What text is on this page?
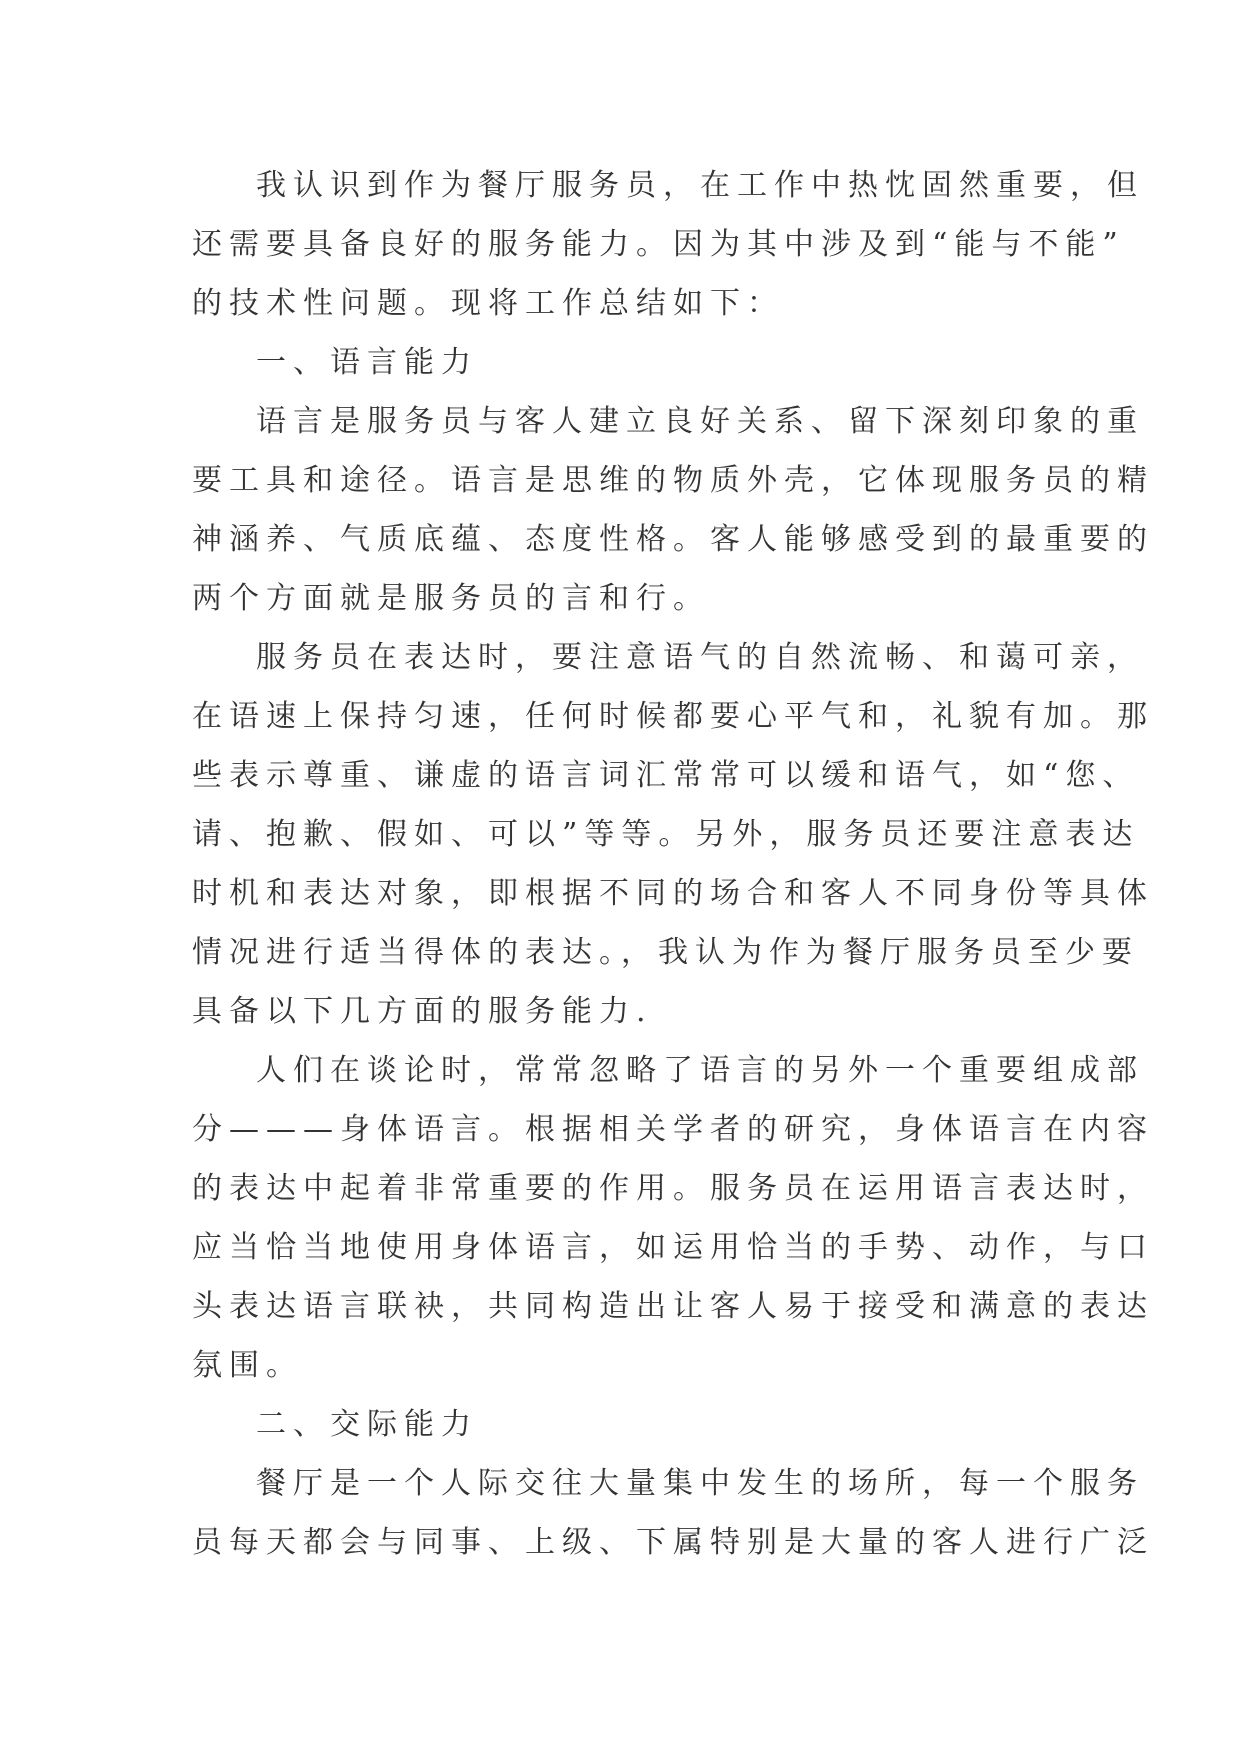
我认识到作为餐厅服务员，在工作中热忱固然重要，但
还需要具备良好的服务能力。因为其中涉及到“能与不能”
的技术性问题。现将工作总结如下：
一、语言能力
语言是服务员与客人建立良好关系、留下深刻印象的重
要工具和途径。语言是思维的物质外壳，它体现服务员的精
神涵养、气质底蕴、态度性格。客人能够感受到的最重要的
两个方面就是服务员的言和行。
服务员在表达时，要注意语气的自然流畅、和蔼可亲，
在语速上保持匀速，任何时候都要心平气和，礼貌有加。那
些表示尊重、谦虚的语言词汇常常可以缓和语气，如“您、
请、抱歉、假如、可以”等等。另外，服务员还要注意表达
时机和表达对象，即根据不同的场合和客人不同身份等具体
情况进行适当得体的表达。，我认为作为餐厅服务员至少要
具备以下几方面的服务能力.
人们在谈论时，常常忽略了语言的另外一个重要组成部
分———身体语言。根据相关学者的研究，身体语言在内容
的表达中起着非常重要的作用。服务员在运用语言表达时，
应当恰当地使用身体语言，如运用恰当的手势、动作，与口
头表达语言联袂，共同构造出让客人易于接受和满意的表达
氛围。
二、交际能力
餐厅是一个人际交往大量集中发生的场所，每一个服务
员每天都会与同事、上级、下属特别是大量的客人进行广泛
